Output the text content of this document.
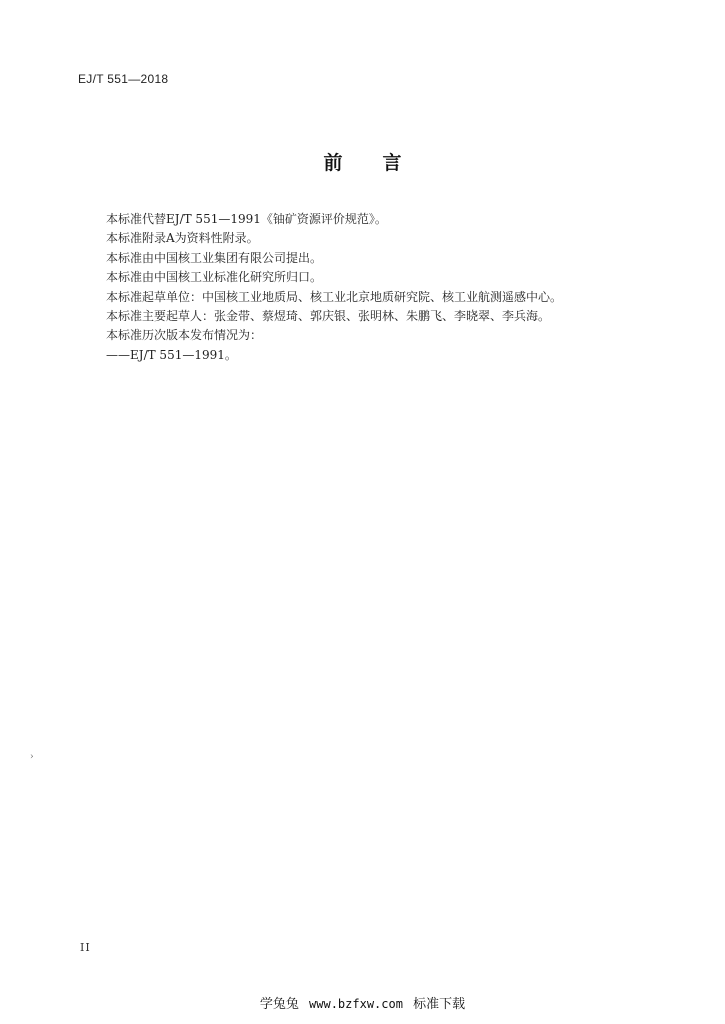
EJ/T 551—2018
前 言

本标准代替EJ/T 551—1991《铀矿资源评价规范》。

本标准附录A为资料性附录。

本标准由中国核工业集团有限公司提出。

本标准由中国核工业标准化研究所归口。

本标准起草单位：中国核工业地质局、核工业北京地质研究院、核工业航测遥感中心。

本标准主要起草人：张金带、蔡煜琦、郭庆银、张明林、朱鹏飞、李晓翠、李兵海。

本标准历次版本发布情况为：

——EJ/T 551—1991。

›
II
学兔兔 www.bzfxw.com 标准下载
